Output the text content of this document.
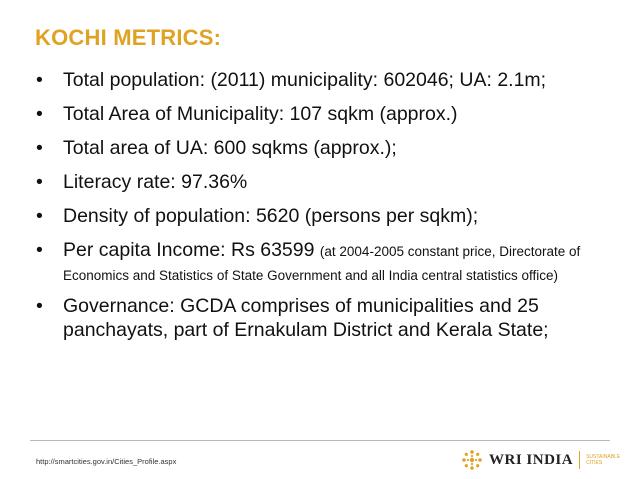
KOCHI METRICS:
• Total population: (2011) municipality: 602046; UA: 2.1m;
• Total Area of Municipality: 107 sqkm (approx.)
• Total area of UA: 600 sqkms (approx.);
• Literacy rate: 97.36%
• Density of population: 5620 (persons per sqkm);
• Per capita Income: Rs 63599 (at 2004-2005 constant price, Directorate of Economics and Statistics of State Government and all India central statistics office)
• Governance: GCDA comprises of municipalities and 25 panchayats, part of Ernakulam District and Kerala State;
http://smartcities.gov.in/Cities_Profile.aspx	WRI INDIA	SUSTAINABLE CITIES
